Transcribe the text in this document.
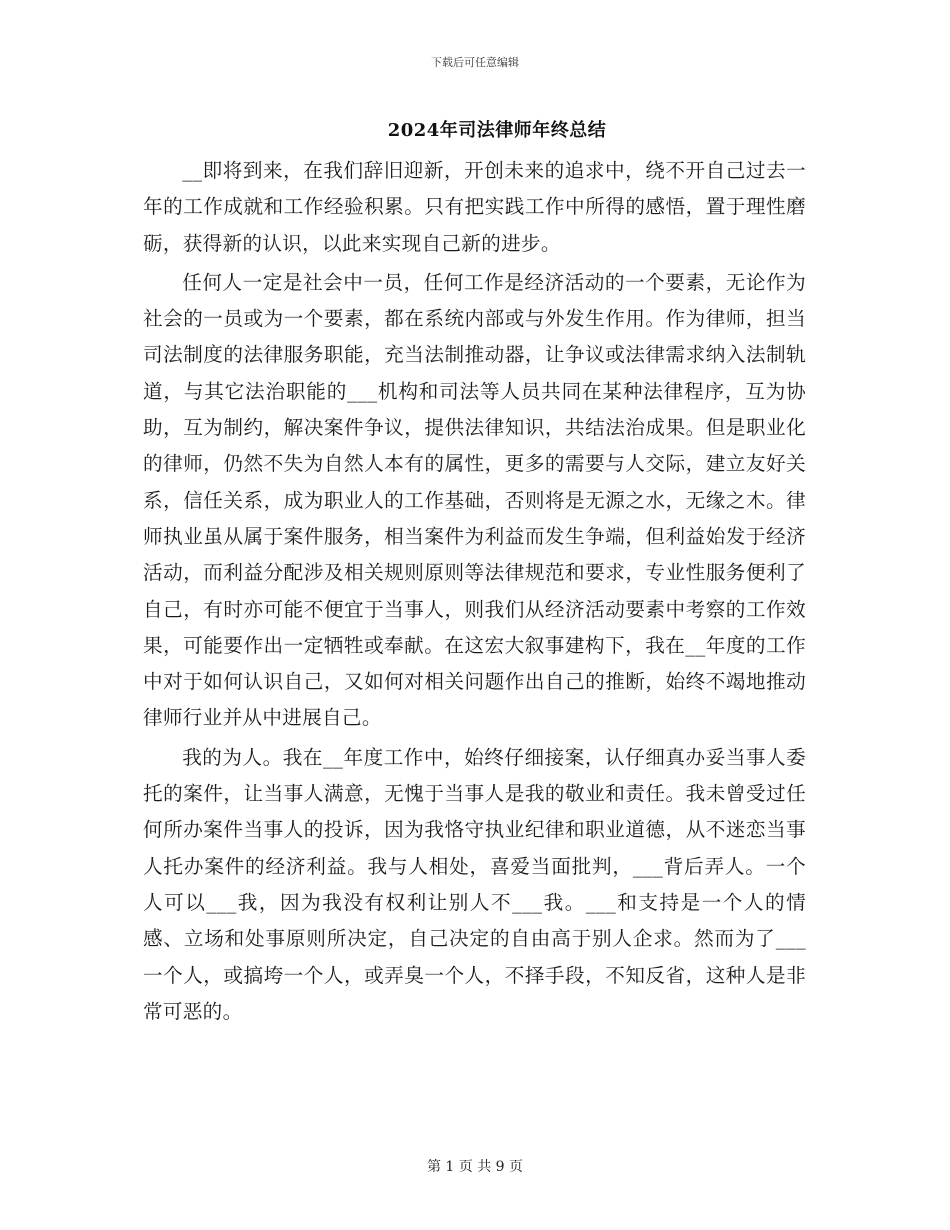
下载后可任意编辑
2024年司法律师年终总结

__即将到来，在我们辞旧迎新，开创未来的追求中，绕不开自己过去一年的工作成就和工作经验积累。只有把实践工作中所得的感悟，置于理性磨砺，获得新的认识，以此来实现自己新的进步。

任何人一定是社会中一员，任何工作是经济活动的一个要素，无论作为社会的一员或为一个要素，都在系统内部或与外发生作用。作为律师，担当司法制度的法律服务职能，充当法制推动器，让争议或法律需求纳入法制轨道，与其它法治职能的___机构和司法等人员共同在某种法律程序，互为协助，互为制约，解决案件争议，提供法律知识，共结法治成果。但是职业化的律师，仍然不失为自然人本有的属性，更多的需要与人交际，建立友好关系，信任关系，成为职业人的工作基础，否则将是无源之水，无缘之木。律师执业虽从属于案件服务，相当案件为利益而发生争端，但利益始发于经济活动，而利益分配涉及相关规则原则等法律规范和要求，专业性服务便利了自己，有时亦可能不便宜于当事人，则我们从经济活动要素中考察的工作效果，可能要作出一定牺牲或奉献。在这宏大叙事建构下，我在__年度的工作中对于如何认识自己，又如何对相关问题作出自己的推断，始终不竭地推动律师行业并从中进展自己。

我的为人。我在__年度工作中，始终仔细接案，认仔细真办妥当事人委托的案件，让当事人满意，无愧于当事人是我的敬业和责任。我未曾受过任何所办案件当事人的投诉，因为我恪守执业纪律和职业道德，从不迷恋当事人托办案件的经济利益。我与人相处，喜爱当面批判，___背后弄人。一个人可以___我，因为我没有权利让别人不___我。___和支持是一个人的情感、立场和处事原则所决定，自己决定的自由高于别人企求。然而为了___一个人，或搞垮一个人，或弄臭一个人，不择手段，不知反省，这种人是非常可恶的。

第 1 页 共 9 页
